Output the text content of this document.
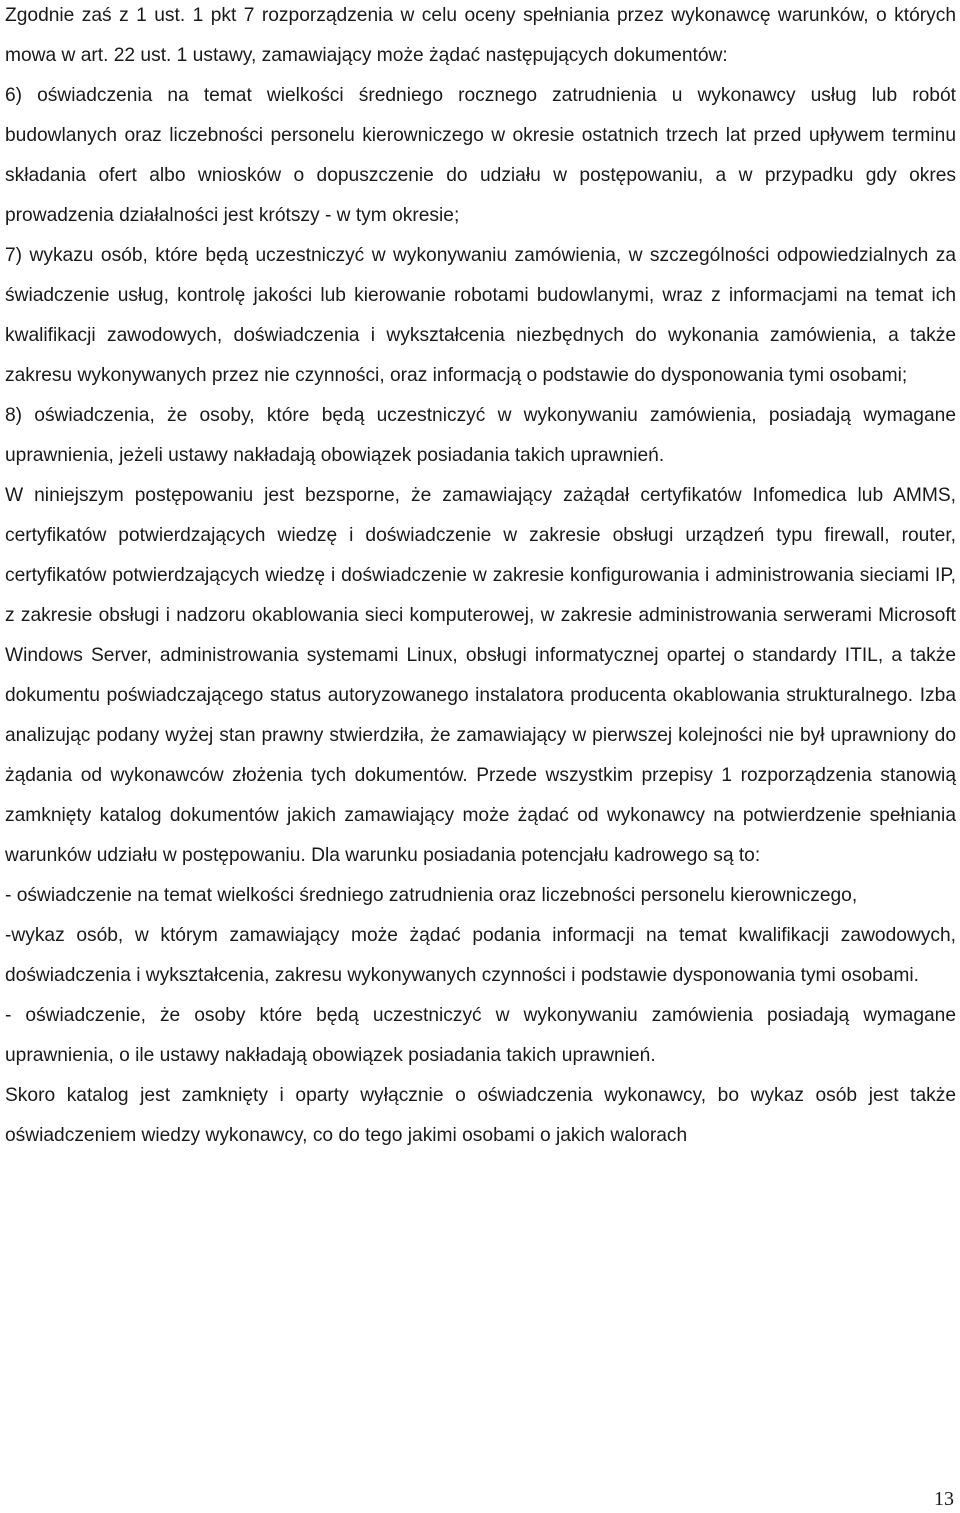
Zgodnie zaś z 1 ust. 1 pkt 7 rozporządzenia w celu oceny spełniania przez wykonawcę warunków, o których mowa w art. 22 ust. 1 ustawy, zamawiający może żądać następujących dokumentów:

6) oświadczenia na temat wielkości średniego rocznego zatrudnienia u wykonawcy usług lub robót budowlanych oraz liczebności personelu kierowniczego w okresie ostatnich trzech lat przed upływem terminu składania ofert albo wniosków o dopuszczenie do udziału w postępowaniu, a w przypadku gdy okres prowadzenia działalności jest krótszy - w tym okresie;

7) wykazu osób, które będą uczestniczyć w wykonywaniu zamówienia, w szczególności odpowiedzialnych za świadczenie usług, kontrolę jakości lub kierowanie robotami budowlanymi, wraz z informacjami na temat ich kwalifikacji zawodowych, doświadczenia i wykształcenia niezbędnych do wykonania zamówienia, a także zakresu wykonywanych przez nie czynności, oraz informacją o podstawie do dysponowania tymi osobami;

8) oświadczenia, że osoby, które będą uczestniczyć w wykonywaniu zamówienia, posiadają wymagane uprawnienia, jeżeli ustawy nakładają obowiązek posiadania takich uprawnień.

W niniejszym postępowaniu jest bezsporne, że zamawiający zażądał certyfikatów Infomedica lub AMMS, certyfikatów potwierdzających wiedzę i doświadczenie w zakresie obsługi urządzeń typu firewall, router, certyfikatów potwierdzających wiedzę i doświadczenie w zakresie konfigurowania i administrowania sieciami IP, z zakresie obsługi i nadzoru okablowania sieci komputerowej, w zakresie administrowania serwerami Microsoft Windows Server, administrowania systemami Linux, obsługi informatycznej opartej o standardy ITIL, a także dokumentu poświadczającego status autoryzowanego instalatora producenta okablowania strukturalnego. Izba analizując podany wyżej stan prawny stwierdziła, że zamawiający w pierwszej kolejności nie był uprawniony do żądania od wykonawców złożenia tych dokumentów. Przede wszystkim przepisy 1 rozporządzenia stanowią zamknięty katalog dokumentów jakich zamawiający może żądać od wykonawcy na potwierdzenie spełniania warunków udziału w postępowaniu. Dla warunku posiadania potencjału kadrowego są to:

- oświadczenie na temat wielkości średniego zatrudnienia oraz liczebności personelu kierowniczego,

-wykaz osób, w którym zamawiający może żądać podania informacji na temat kwalifikacji zawodowych, doświadczenia i wykształcenia, zakresu wykonywanych czynności i podstawie dysponowania tymi osobami.

- oświadczenie, że osoby które będą uczestniczyć w wykonywaniu zamówienia posiadają wymagane uprawnienia, o ile ustawy nakładają obowiązek posiadania takich uprawnień.

Skoro katalog jest zamknięty i oparty wyłącznie o oświadczenia wykonawcy, bo wykaz osób jest także oświadczeniem wiedzy wykonawcy, co do tego jakimi osobami o jakich walorach

13
